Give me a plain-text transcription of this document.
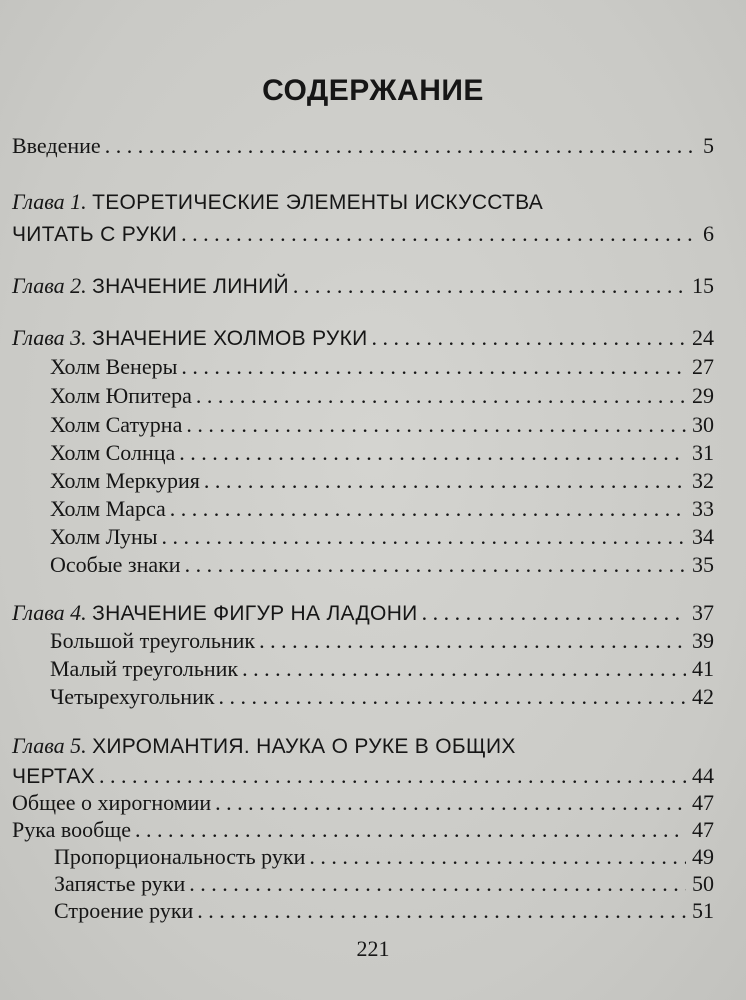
СОДЕРЖАНИЕ
Введение . . .	5
Глава 1. ТЕОРЕТИЧЕСКИЕ ЭЛЕМЕНТЫ ИСКУССТВА
ЧИТАТЬ С РУКИ . . .	6
Глава 2. ЗНАЧЕНИЕ ЛИНИЙ . . .	15
Глава 3. ЗНАЧЕНИЕ ХОЛМОВ РУКИ . . .	24
Холм Венеры . . .	27
Холм Юпитера . . .	29
Холм Сатурна . . .	30
Холм Солнца . . .	31
Холм Меркурия . . .	32
Холм Марса . . .	33
Холм Луны . . .	34
Особые знаки . . .	35
Глава 4. ЗНАЧЕНИЕ ФИГУР НА ЛАДОНИ . . .	37
Большой треугольник . . .	39
Малый треугольник . . .	41
Четырехугольник . . .	42
Глава 5. ХИРОМАНТИЯ. НАУКА О РУКЕ В ОБЩИХ
ЧЕРТАХ . . .	44
Общее о хирогномии . . .	47
Рука вообще . . .	47
Пропорциональность руки . . .	49
Запястье руки . . .	50
Строение руки . . .	51
221
